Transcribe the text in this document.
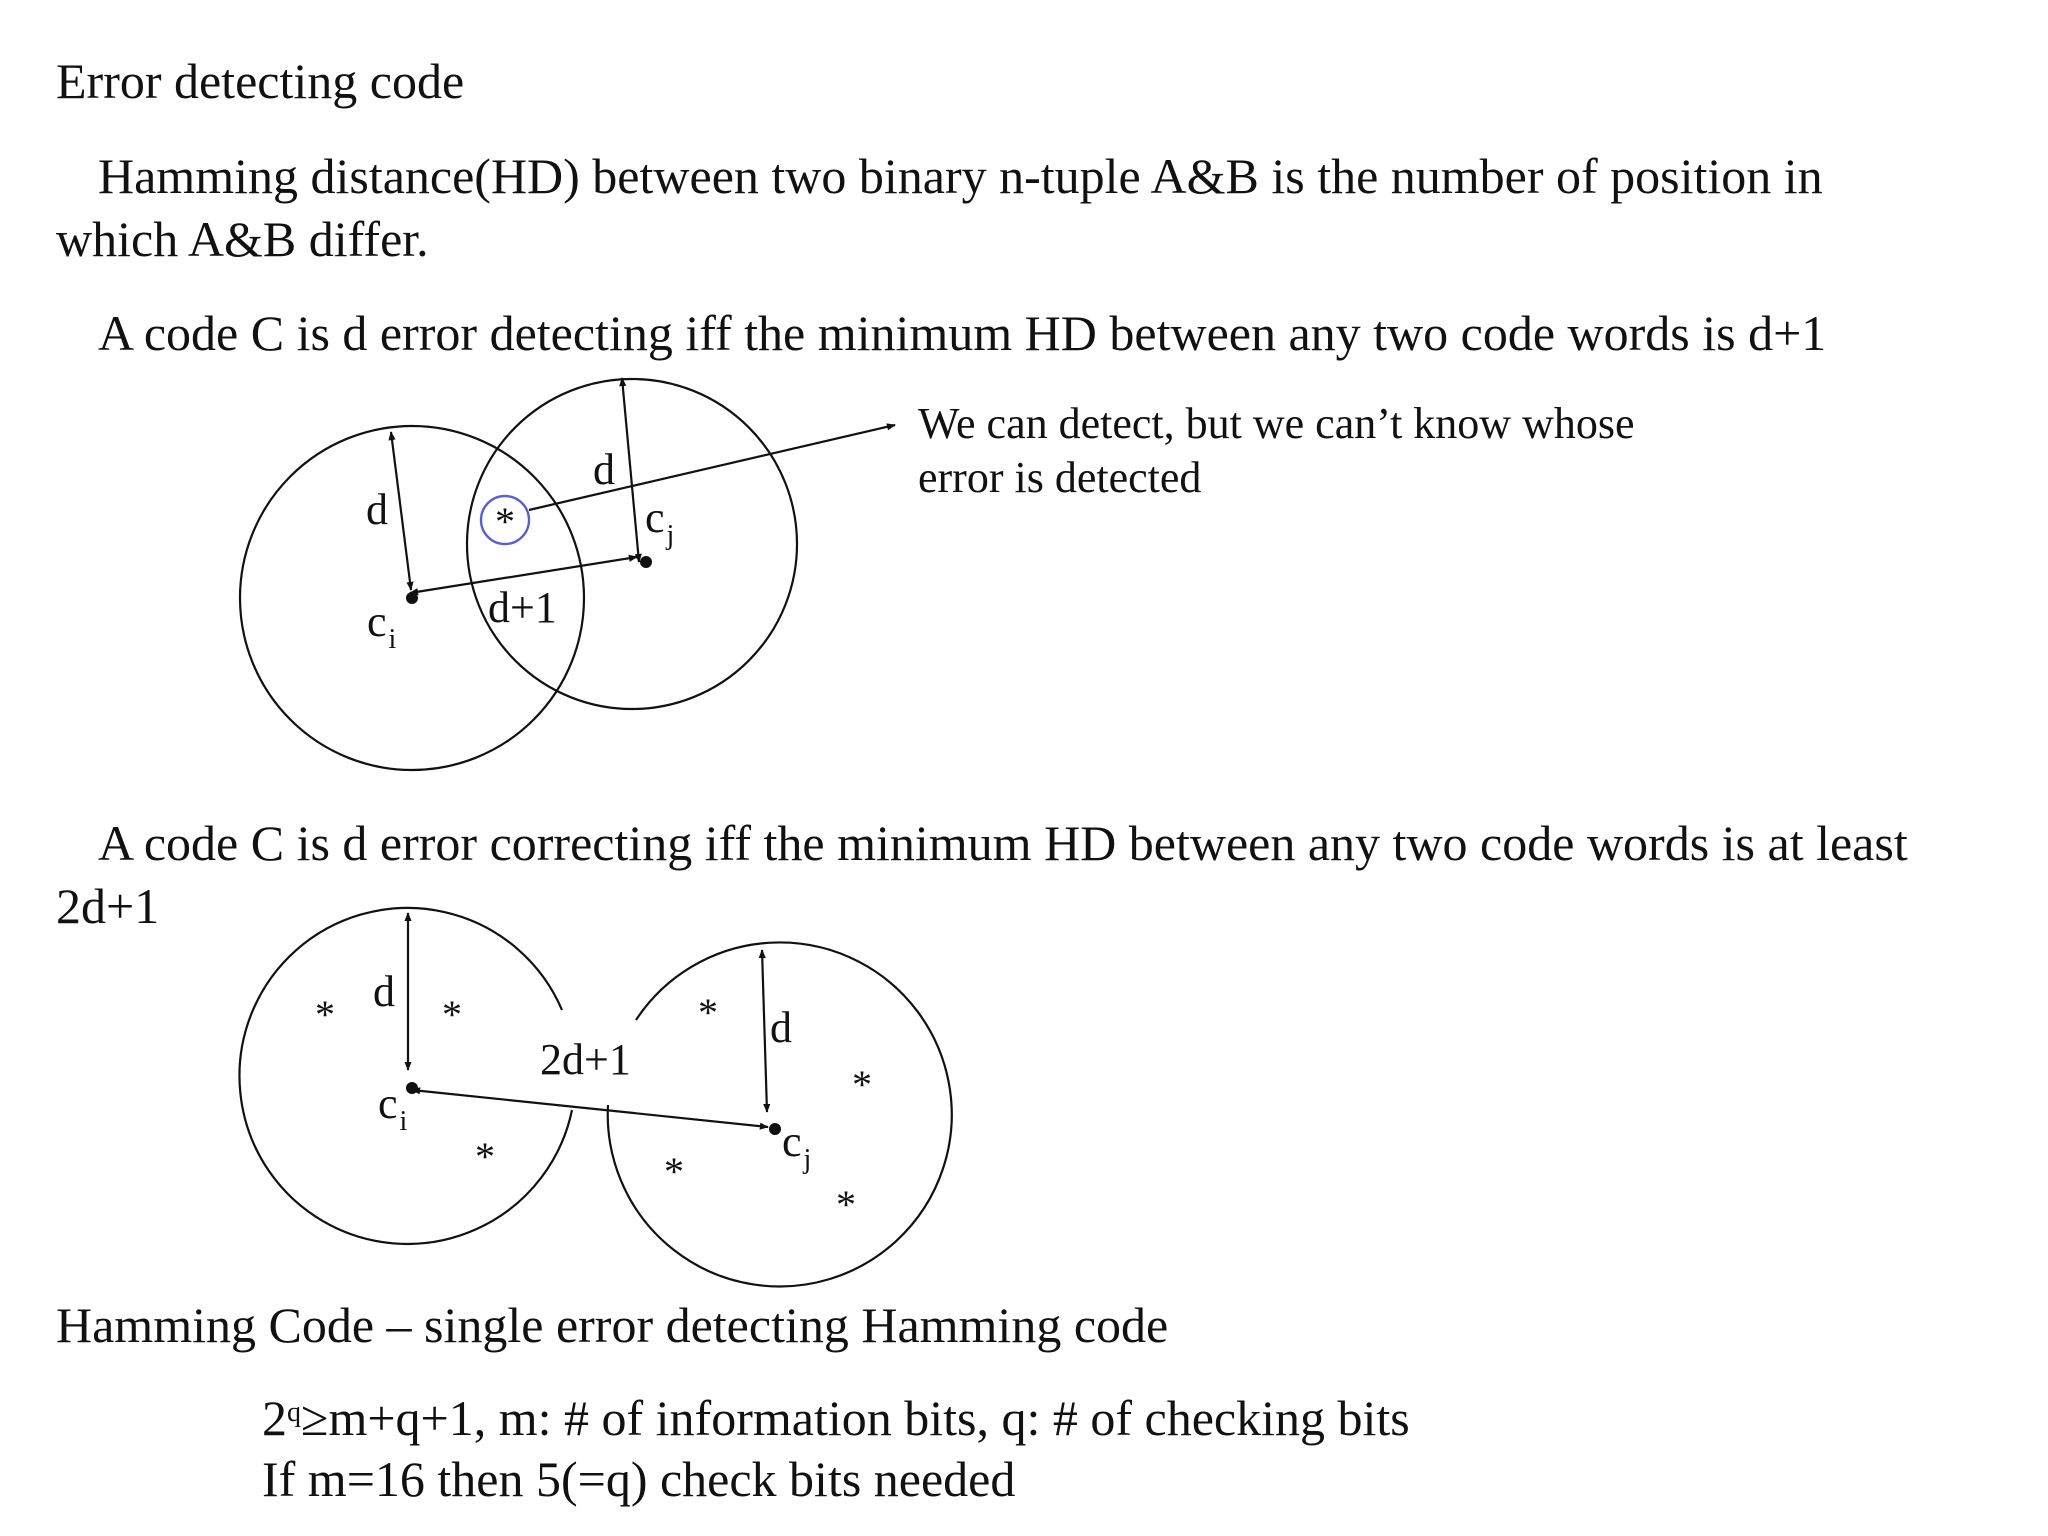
Error detecting code

Hamming distance(HD) between two binary n-tuple A&B is the number of position in

which A&B differ.

A code C is d error detecting iff the minimum HD between any two code words is d+1

We can detect, but we can’t know whose

error is detected

A code C is d error correcting iff the minimum HD between any two code words is at least

2d+1

Hamming Code – single error detecting Hamming code

$2^q\ge m+q+1$, m: # of information bits, q: # of checking bits

If m=16 then 5(=q) check bits needed

*
d
d
d+1
$c_i$
$c_j$
d
d
2d+1
$c_i$	$c_j$
*	*
*
*
*
*
*
